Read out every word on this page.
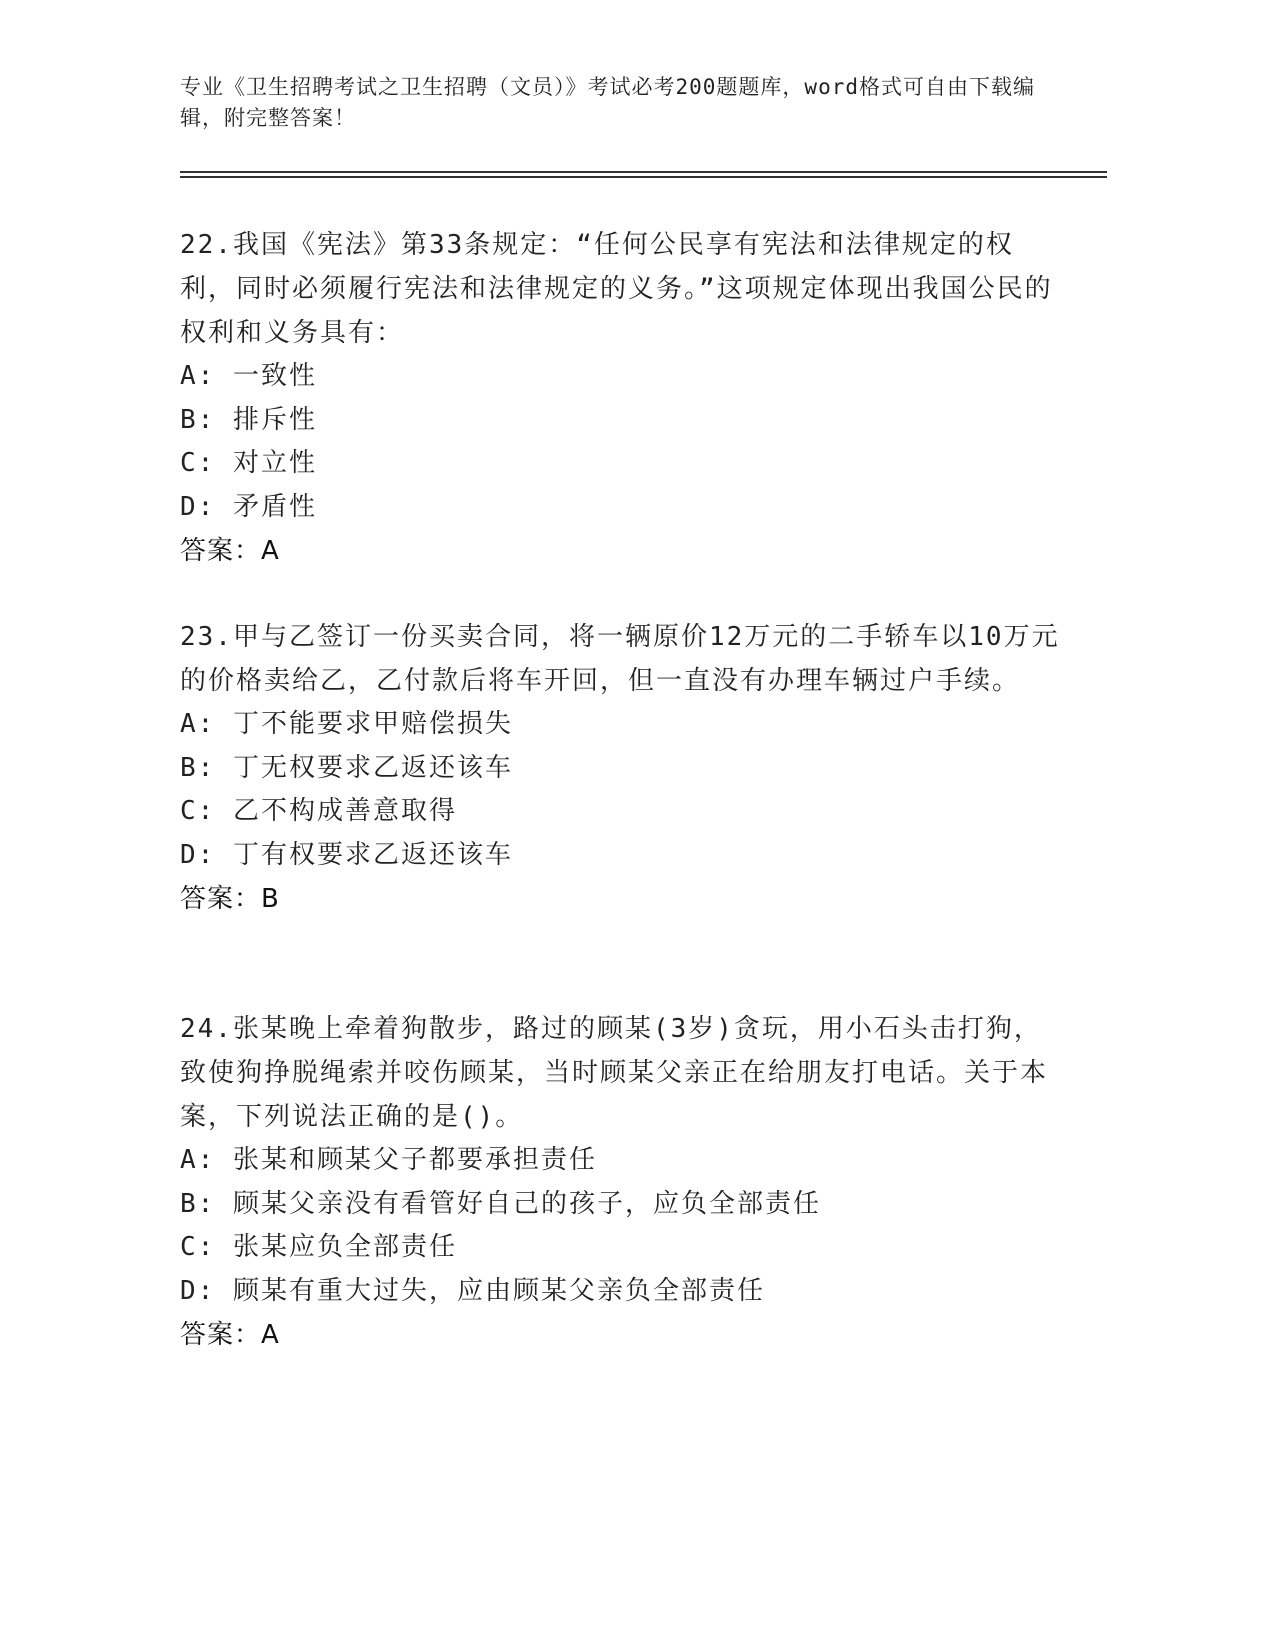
专业《卫生招聘考试之卫生招聘（文员）》考试必考200题题库，word格式可自由下载编辑，附完整答案！

22.我国《宪法》第33条规定：“任何公民享有宪法和法律规定的权利，同时必须履行宪法和法律规定的义务。”这项规定体现出我国公民的权利和义务具有：

A: 一致性

B: 排斥性

C: 对立性

D: 矛盾性

答案：A

23.甲与乙签订一份买卖合同，将一辆原价12万元的二手轿车以10万元的价格卖给乙，乙付款后将车开回，但一直没有办理车辆过户手续。

A: 丁不能要求甲赔偿损失

B: 丁无权要求乙返还该车

C: 乙不构成善意取得

D: 丁有权要求乙返还该车

答案：B

24.张某晚上牵着狗散步，路过的顾某(3岁)贪玩，用小石头击打狗，致使狗挣脱绳索并咬伤顾某，当时顾某父亲正在给朋友打电话。关于本案，下列说法正确的是()。

A: 张某和顾某父子都要承担责任

B: 顾某父亲没有看管好自己的孩子，应负全部责任

C: 张某应负全部责任

D: 顾某有重大过失，应由顾某父亲负全部责任

答案：A
